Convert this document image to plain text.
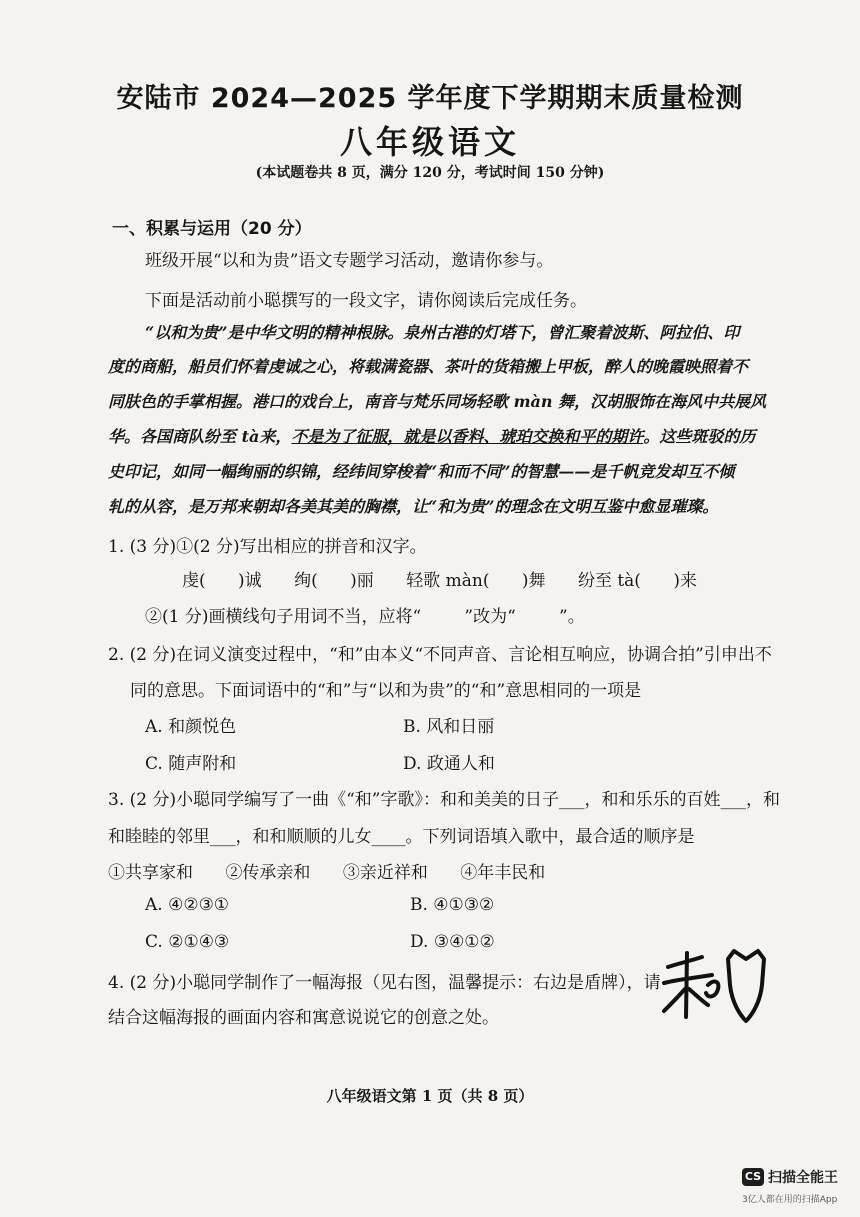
安陆市 2024—2025 学年度下学期期末质量检测
八年级语文
(本试题卷共 8 页，满分 120 分，考试时间 150 分钟)
一、积累与运用（20 分）
班级开展“以和为贵”语文专题学习活动，邀请你参与。
下面是活动前小聪撰写的一段文字，请你阅读后完成任务。
“以和为贵”是中华文明的精神根脉。泉州古港的灯塔下，曾汇聚着波斯、阿拉伯、印
度的商船，船员们怀着虔诚之心，将载满瓷器、茶叶的货箱搬上甲板，醉人的晚霞映照着不
同肤色的手掌相握。港口的戏台上，南音与梵乐同场轻歌 màn 舞，汉胡服饰在海风中共展风
华。各国商队纷至 tà来，不是为了征服，就是以香料、琥珀交换和平的期许。这些斑驳的历
史印记，如同一幅绚丽的织锦，经纬间穿梭着“和而不同”的智慧——是千帆竞发却互不倾
轧的从容，是万邦来朝却各美其美的胸襟，让“和为贵”的理念在文明互鉴中愈显璀璨。
1. (3 分)①(2 分)写出相应的拼音和汉字。
虔(      )诚      绚(      )丽      轻歌 màn(      )舞      纷至 tà(      )来
②(1 分)画横线句子用词不当，应将“        ”改为“        ”。
2. (2 分)在词义演变过程中，“和”由本义“不同声音、言论相互响应，协调合拍”引申出不
同的意思。下面词语中的“和”与“以和为贵”的“和”意思相同的一项是
A. 和颜悦色	B. 风和日丽
C. 随声附和	D. 政通人和
3. (2 分)小聪同学编写了一曲《“和”字歌》：和和美美的日子___，和和乐乐的百姓___，和
和睦睦的邻里___，和和顺顺的儿女____。下列词语填入歌中，最合适的顺序是
①共享家和      ②传承亲和      ③亲近祥和      ④年丰民和
A. ④②③①	B. ④①③②
C. ②①④③	D. ③④①②
4. (2 分)小聪同学制作了一幅海报（见右图，温馨提示：右边是盾牌），请
结合这幅海报的画面内容和寓意说说它的创意之处。
八年级语文第 1 页（共 8 页）
CS 扫描全能王
3亿人都在用的扫描App
